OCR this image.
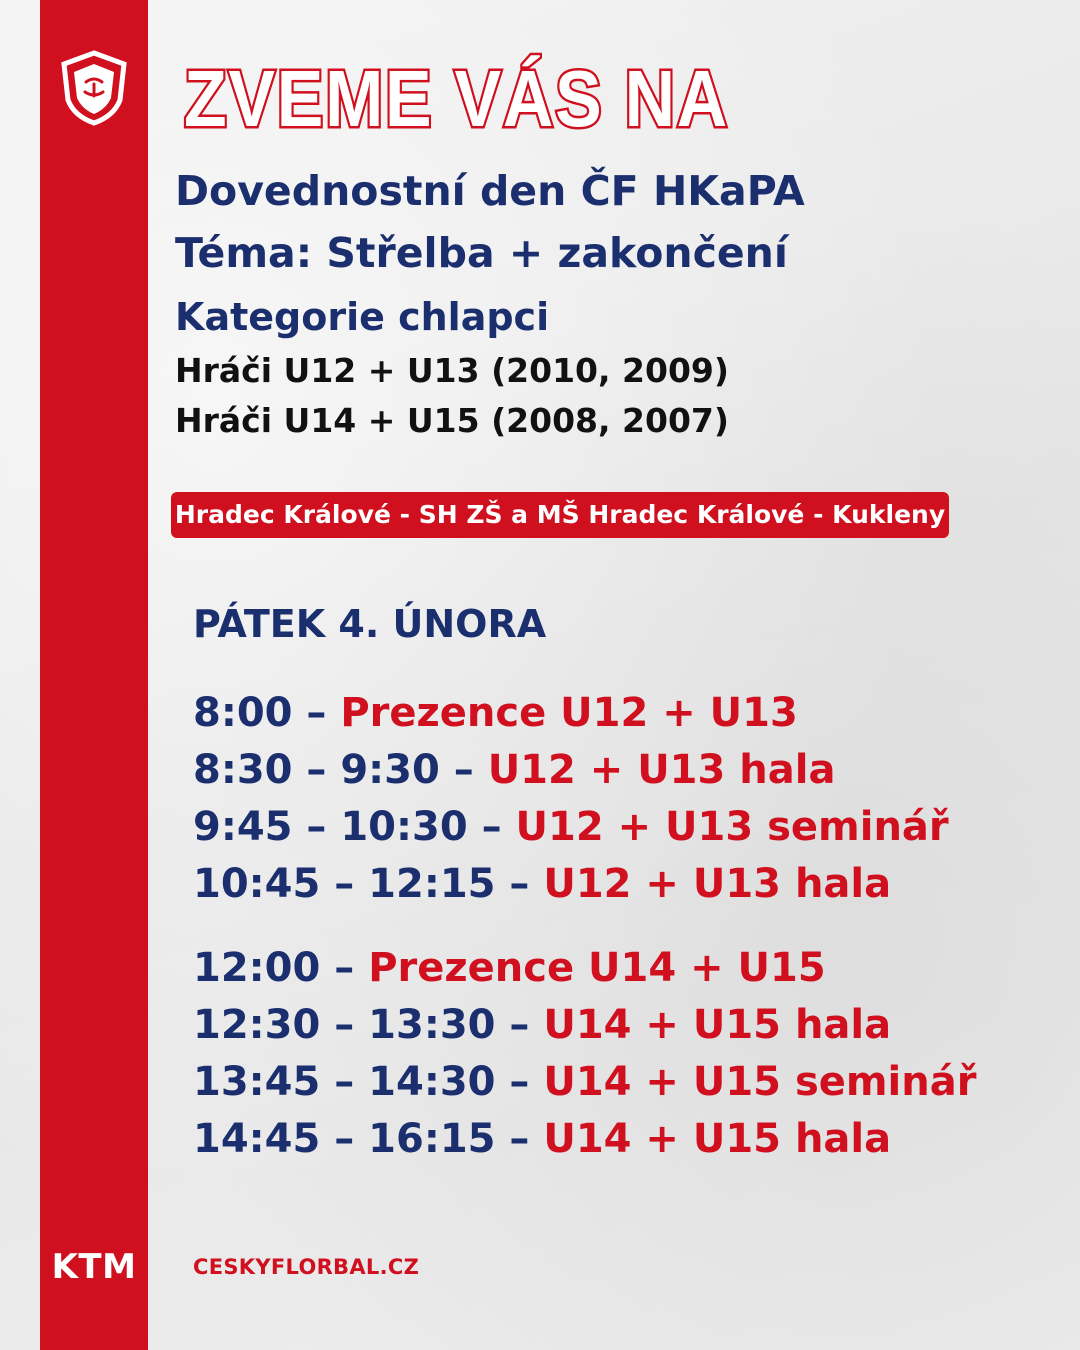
ZVEME VÁS NA
Dovednostní den ČF HKaPA
Téma: Střelba + zakončení
Kategorie chlapci
Hráči U12 + U13 (2010, 2009)
Hráči U14 + U15 (2008, 2007)
Hradec Králové - SH ZŠ a MŠ Hradec Králové - Kukleny
PÁTEK 4. ÚNORA
8:00 – Prezence U12 + U13
8:30 – 9:30 – U12 + U13 hala
9:45 – 10:30 – U12 + U13 seminář
10:45 – 12:15 – U12 + U13 hala
12:00 – Prezence U14 + U15
12:30 – 13:30 – U14 + U15 hala
13:45 – 14:30 – U14 + U15 seminář
14:45 – 16:15 – U14 + U15 hala
KTM	CESKYFLORBAL.CZ
